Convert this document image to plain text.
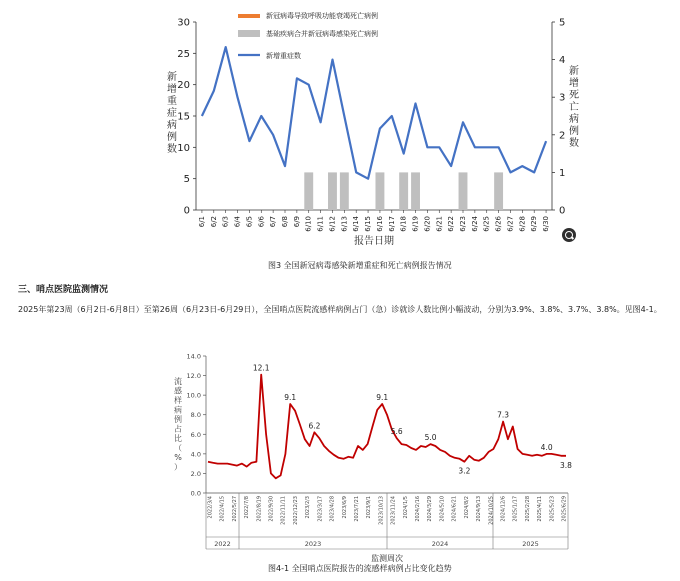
0
5
10
15
20
25
30
0
1
2
3
4
5
6/1 6/2 6/3 6/4 6/5 6/6 6/7 6/8 6/9 6/10 6/11 6/12 6/13 6/14 6/15 6/16 6/17 6/18 6/19 6/20 6/21 6/22 6/23 6/24 6/25 6/26 6/27 6/28 6/29 6/30
报告日期
新
增
重
症
病
例
数
新
增
死
亡
病
例
数
新冠病毒导致呼吸功能衰竭死亡病例
基础疾病合并新冠病毒感染死亡病例
新增重症数
图3 全国新冠病毒感染新增重症和死亡病例报告情况
三、哨点医院监测情况
2025年第23周（6月2日-6月8日）至第26周（6月23日-6月29日），全国哨点医院流感样病例占门（急）诊就诊人数比例小幅波动，分别为3.9%、3.8%、3.7%、3.8%。见图4-1。
0.0
2.0
4.0
6.0
8.0
10.0
12.0
14.0
2022/3/4 2022/4/15 2022/5/27 2022/7/8 2022/8/19 2022/9/30 2022/11/11 2022/12/23 2023/2/3 2023/3/17 2023/4/28 2023/6/9 2023/7/21 2023/9/1 2023/10/13 2023/11/24 2024/1/5 2024/2/16 2024/3/29 2024/5/10 2024/6/21 2024/8/2 2024/9/13 2024/10/25 2024/12/6 2025/1/17 2025/2/28 2025/4/11 2025/5/23 2025/6/29
2022	2023	2024	2025
12.1
9.1
6.2
9.1
5.6
5.0
3.2
7.3
4.0
3.8
监测周次
流
感
样
病
例
占
比
（
%
）
图4-1 全国哨点医院报告的流感样病例占比变化趋势
